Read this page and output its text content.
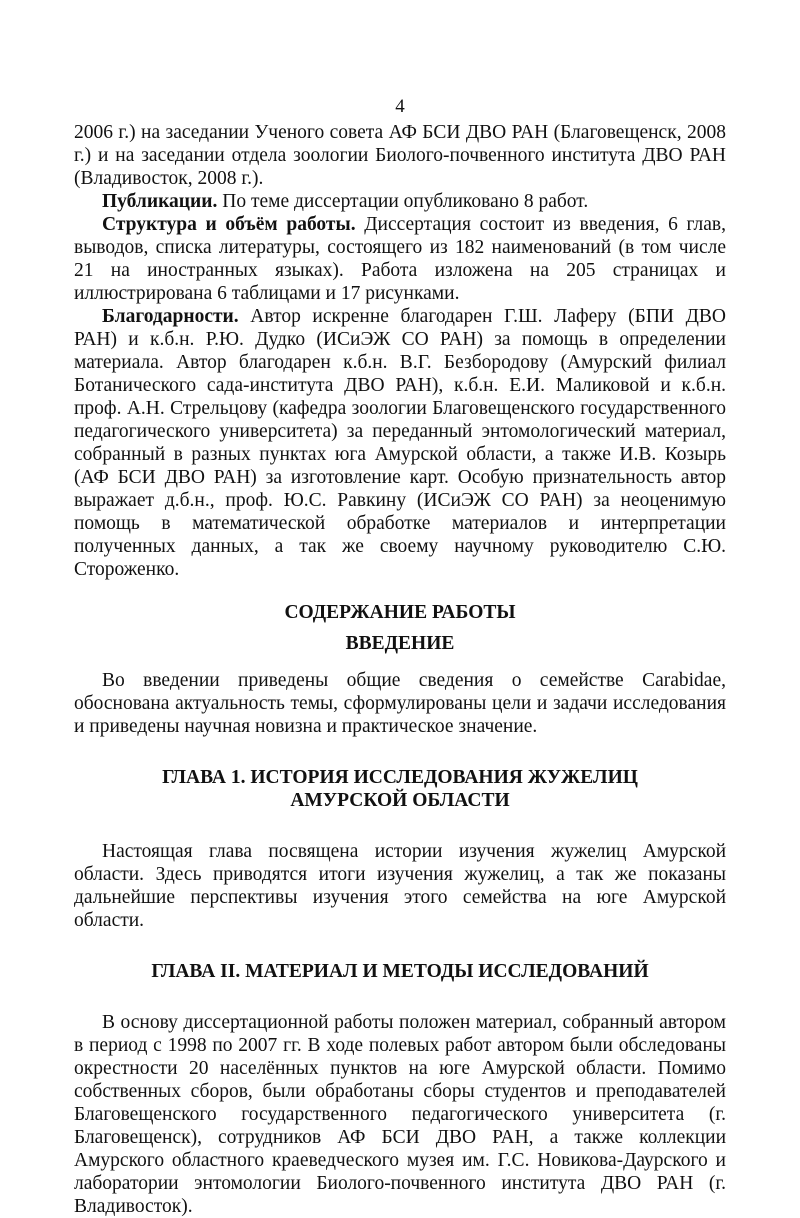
4

2006 г.) на заседании Ученого совета АФ БСИ ДВО РАН (Благовещенск, 2008 г.) и на заседании отдела зоологии Биолого-почвенного института ДВО РАН (Владивосток, 2008 г.).

Публикации. По теме диссертации опубликовано 8 работ.

Структура и объём работы. Диссертация состоит из введения, 6 глав, выводов, списка литературы, состоящего из 182 наименований (в том числе 21 на иностранных языках). Работа изложена на 205 страницах и иллюстрирована 6 таблицами и 17 рисунками.

Благодарности. Автор искренне благодарен Г.Ш. Лаферу (БПИ ДВО РАН) и к.б.н. Р.Ю. Дудко (ИСиЭЖ СО РАН) за помощь в определении материала. Автор благодарен к.б.н. В.Г. Безбородову (Амурский филиал Ботанического сада-института ДВО РАН), к.б.н. Е.И. Маликовой и к.б.н. проф. А.Н. Стрельцову (кафедра зоологии Благовещенского государственного педагогического университета) за переданный энтомологический материал, собранный в разных пунктах юга Амурской области, а также И.В. Козырь (АФ БСИ ДВО РАН) за изготовление карт. Особую признательность автор выражает д.б.н., проф. Ю.С. Равкину (ИСиЭЖ СО РАН) за неоценимую помощь в математической обработке материалов и интерпретации полученных данных, а так же своему научному руководителю С.Ю. Стороженко.

СОДЕРЖАНИЕ РАБОТЫ
ВВЕДЕНИЕ

Во введении приведены общие сведения о семействе Carabidae, обоснована актуальность темы, сформулированы цели и задачи исследования и приведены научная новизна и практическое значение.

ГЛАВА 1. ИСТОРИЯ ИССЛЕДОВАНИЯ ЖУЖЕЛИЦ
АМУРСКОЙ ОБЛАСТИ

Настоящая глава посвящена истории изучения жужелиц Амурской области. Здесь приводятся итоги изучения жужелиц, а так же показаны дальнейшие перспективы изучения этого семейства на юге Амурской области.

ГЛАВА II. МАТЕРИАЛ И МЕТОДЫ ИССЛЕДОВАНИЙ

В основу диссертационной работы положен материал, собранный автором в период с 1998 по 2007 гг. В ходе полевых работ автором были обследованы окрестности 20 населённых пунктов на юге Амурской области. Помимо собственных сборов, были обработаны сборы студентов и преподавателей Благовещенского государственного педагогического университета (г. Благовещенск), сотрудников АФ БСИ ДВО РАН, а также коллекции Амурского областного краеведческого музея им. Г.С. Новикова-Даурского и лаборатории энтомологии Биолого-почвенного института ДВО РАН (г. Владивосток).
